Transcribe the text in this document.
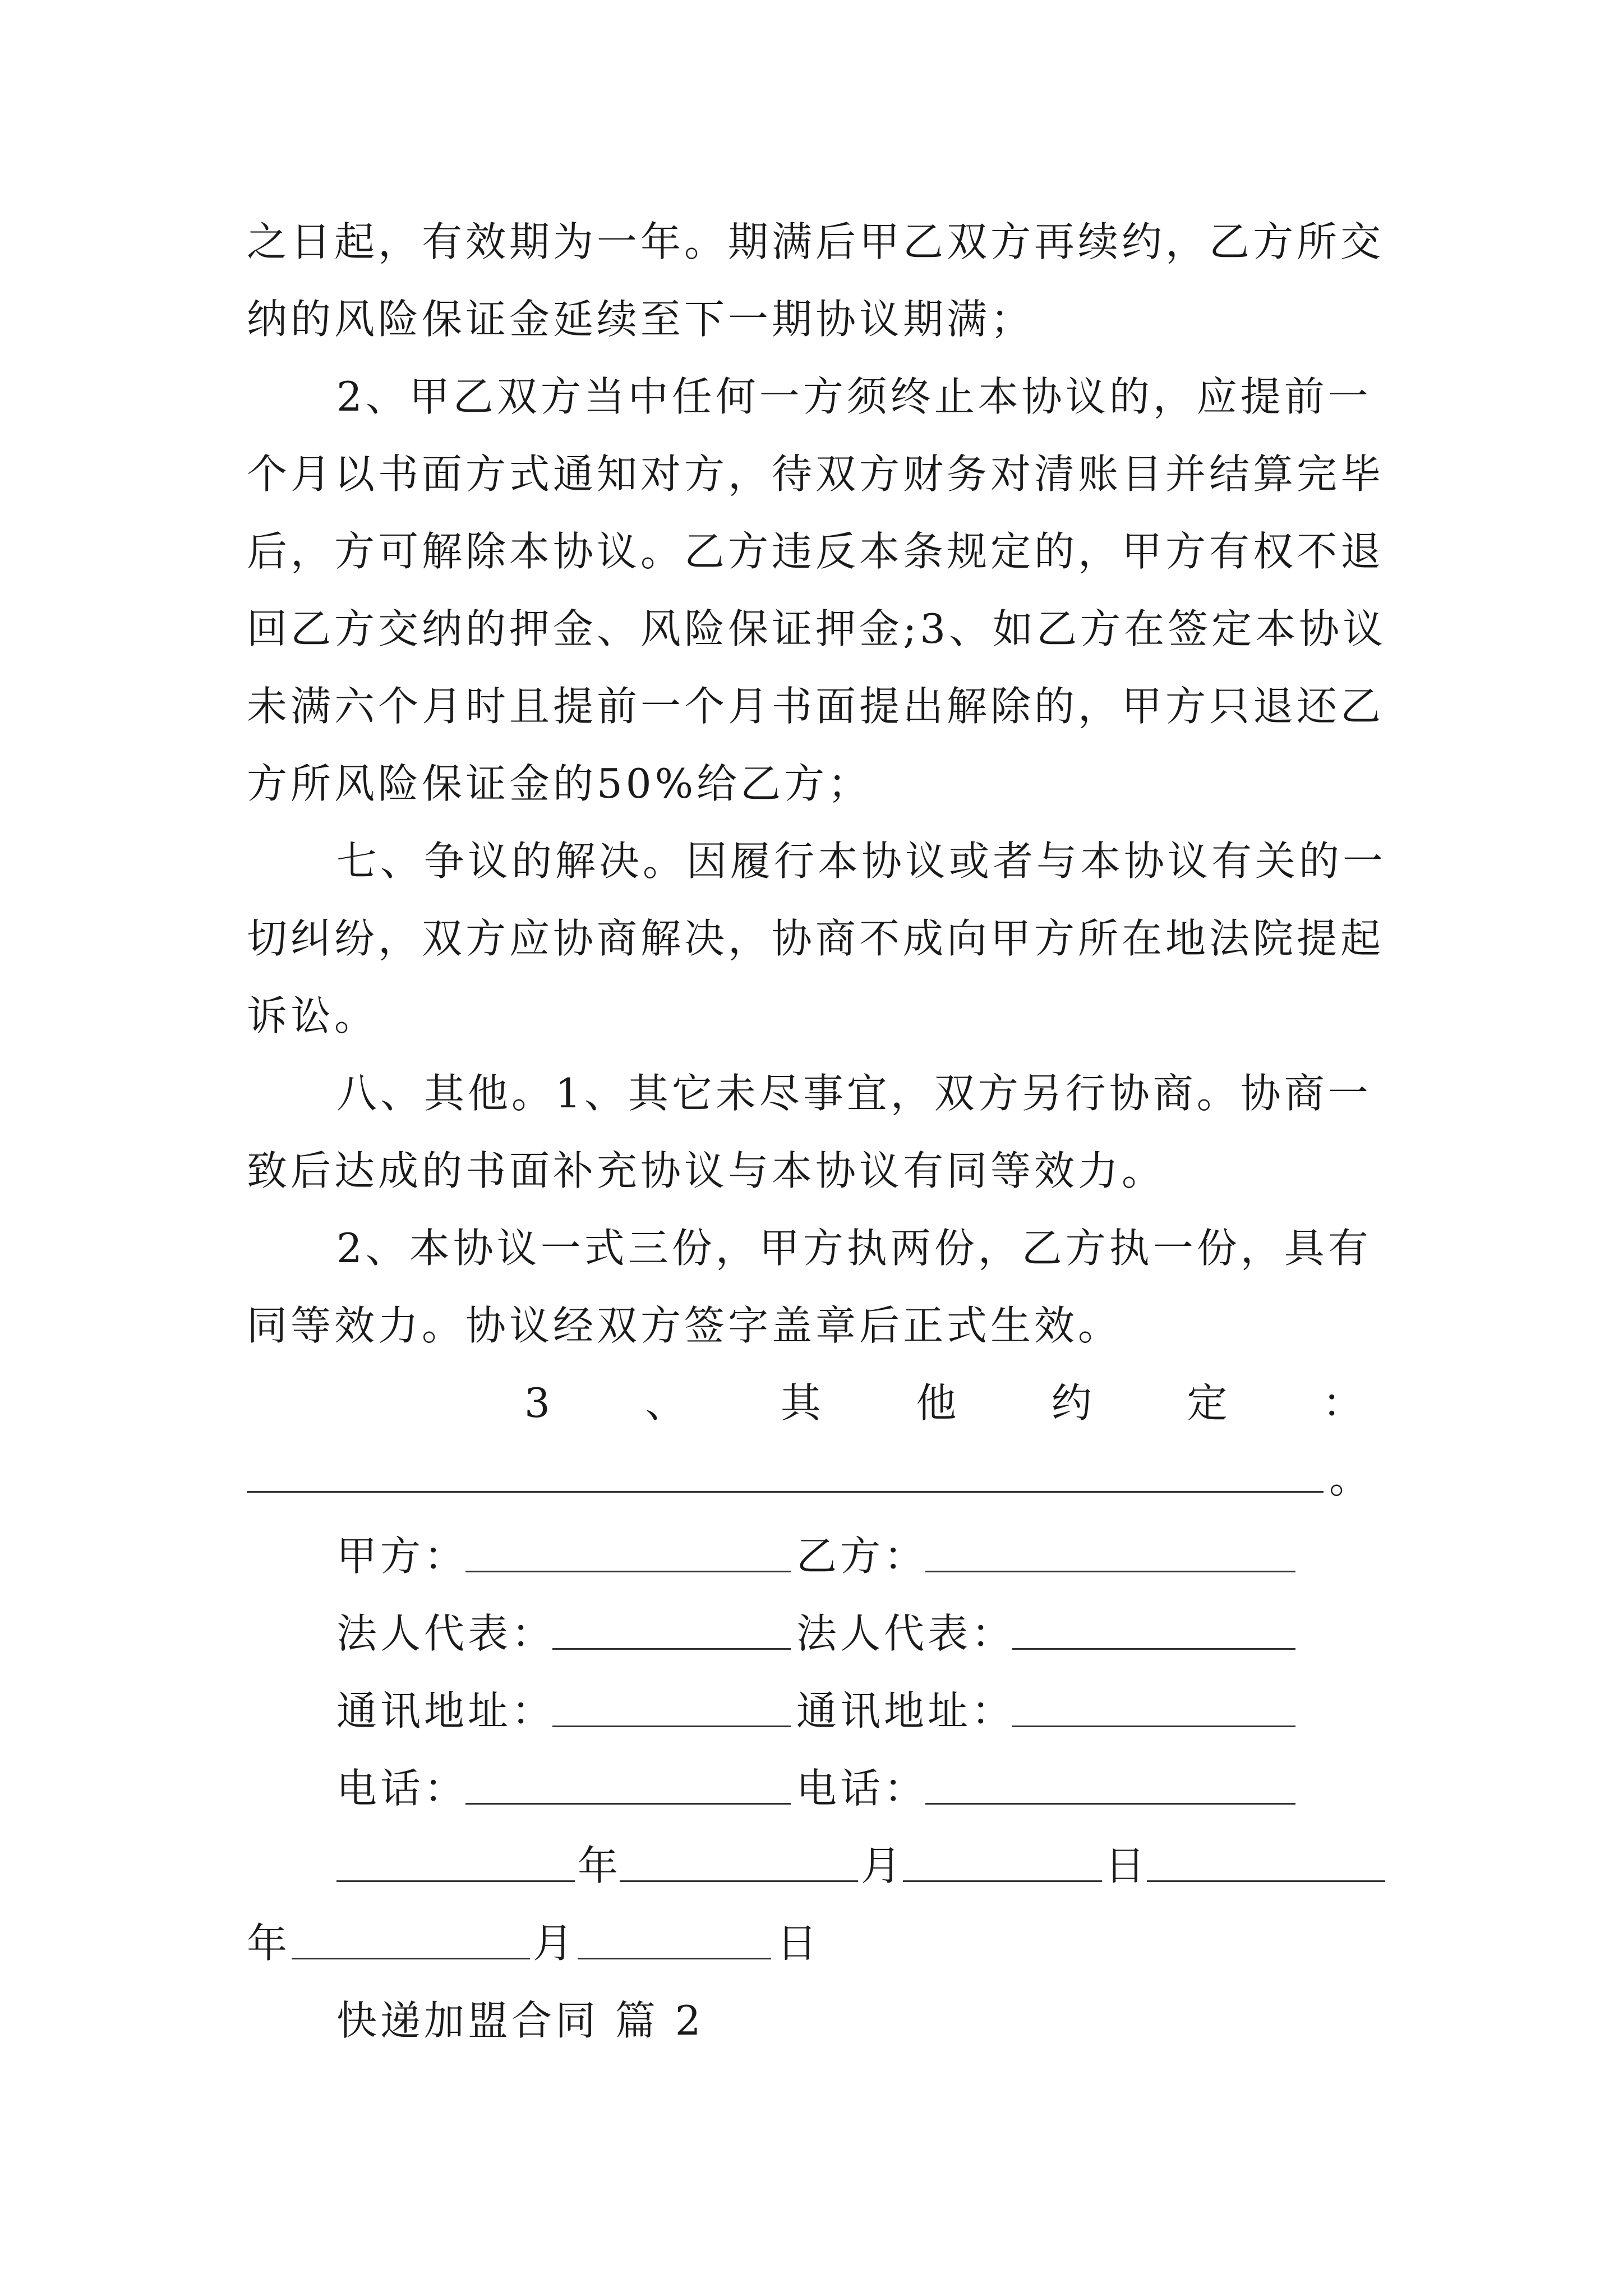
之日起，有效期为一年。期满后甲乙双方再续约，乙方所交
纳的风险保证金延续至下一期协议期满；
2、甲乙双方当中任何一方须终止本协议的，应提前一
个月以书面方式通知对方，待双方财务对清账目并结算完毕
后，方可解除本协议。乙方违反本条规定的，甲方有权不退
回乙方交纳的押金、风险保证押金;3、如乙方在签定本协议
未满六个月时且提前一个月书面提出解除的，甲方只退还乙
方所风险保证金的50%给乙方；
七、争议的解决。因履行本协议或者与本协议有关的一
切纠纷，双方应协商解决，协商不成向甲方所在地法院提起
诉讼。
八、其他。1、其它未尽事宜，双方另行协商。协商一
致后达成的书面补充协议与本协议有同等效力。
2、本协议一式三份，甲方执两份，乙方执一份，具有
同等效力。协议经双方签字盖章后正式生效。
3 、 其 他 约 定 ：
。
甲方：	乙方：
法人代表：	法人代表：
通讯地址：	通讯地址：
电话：	电话：
年	月	日
年	月	日
快递加盟合同 篇 2
